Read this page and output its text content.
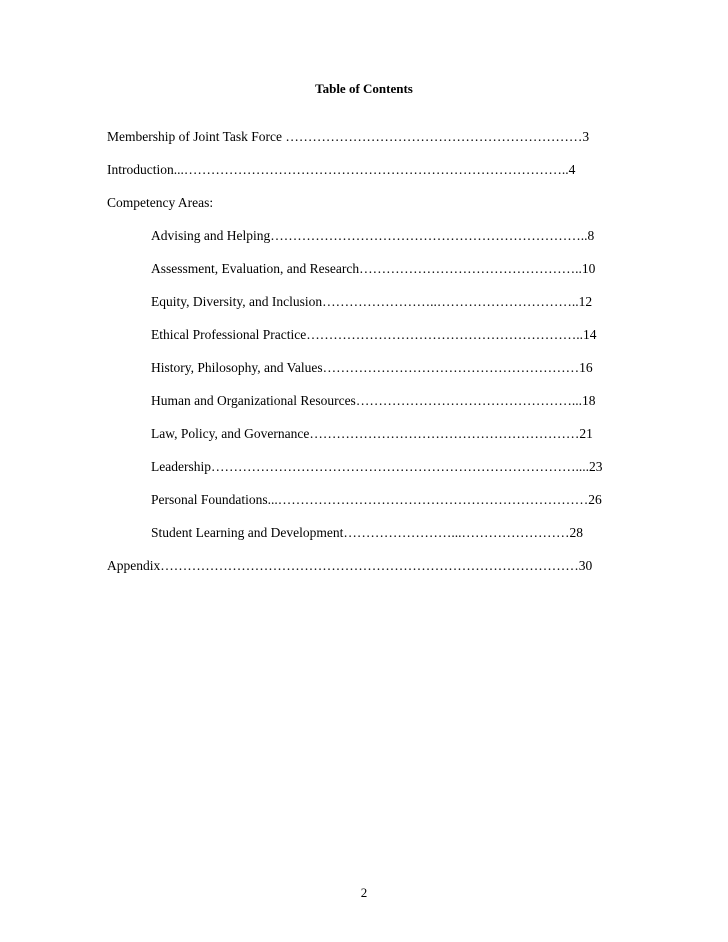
Table of Contents
Membership of Joint Task Force …………………………………………………………3
Introduction...…………………………………………………………………………..4
Competency Areas:
Advising and Helping……………………………………………………………..8
Assessment, Evaluation, and Research…………………………………………..10
Equity, Diversity, and Inclusion……………………..…………………………..12
Ethical Professional Practice……………………………………………………..14
History, Philosophy, and Values…………………………………………………16
Human and Organizational Resources…………………………………………...18
Law, Policy, and Governance……………………………………………………21
Leadership………………………………………………………………………....23
Personal Foundations...……………………………………………………………26
Student Learning and Development……………………...……………………28
Appendix…………………………………………………………………………………30
2
